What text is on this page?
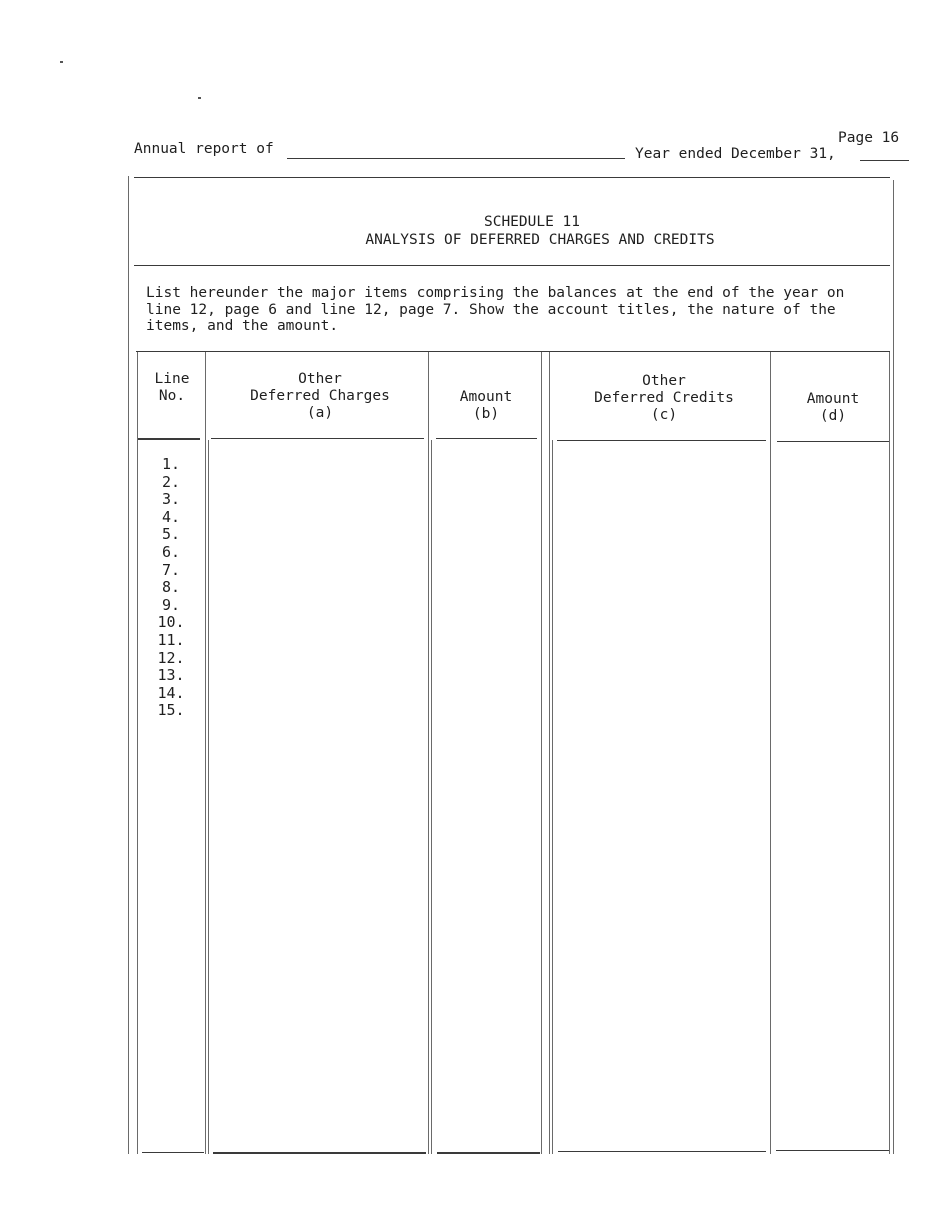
Page 16
Annual report of	Year ended December 31,
SCHEDULE 11
ANALYSIS OF DEFERRED CHARGES AND CREDITS
List hereunder the major items comprising the balances at the end of the year on
line 12, page 6 and line 12, page 7. Show the account titles, the nature of the
items, and the amount.
Line
No.
Other
Deferred Charges
(a)
Amount
(b)
Other
Deferred Credits
(c)
Amount
(d)
1.
2.
3.
4.
5.
6.
7.
8.
9.
10.
11.
12.
13.
14.
15.
